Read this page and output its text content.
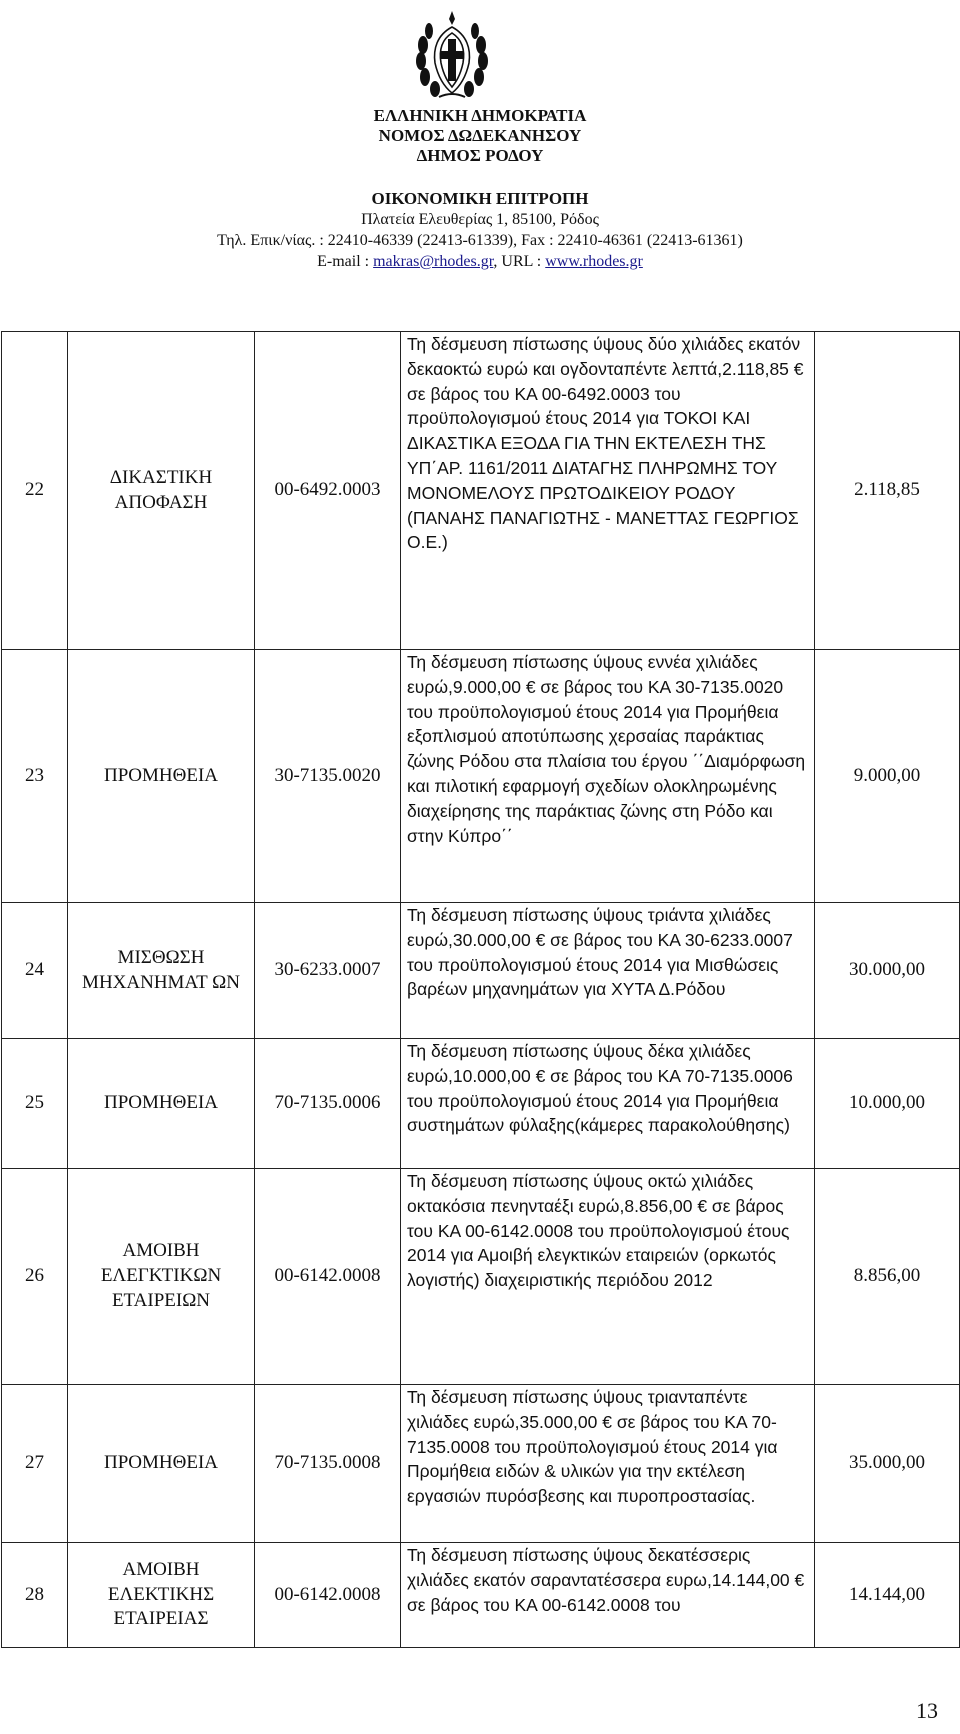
ΕΛΛΗΝΙΚΗ ΔΗΜΟΚΡΑΤΙΑ
ΝΟΜΟΣ ΔΩΔΕΚΑΝΗΣΟΥ
ΔΗΜΟΣ ΡΟΔΟΥ
ΟΙΚΟΝΟΜΙΚΗ ΕΠΙΤΡΟΠΗ
Πλατεία Ελευθερίας 1, 85100, Ρόδος
Τηλ. Επικ/νίας. : 22410-46339 (22413-61339), Fax : 22410-46361 (22413-61361)
E-mail : makras@rhodes.gr, URL : www.rhodes.gr
22	ΔΙΚΑΣΤΙΚΗ ΑΠΟΦΑΣΗ	00-6492.0003	Τη δέσμευση πίστωσης ύψους δύο χιλιάδες εκατόν δεκαοκτώ ευρώ και ογδονταπέντε λεπτά,2.118,85 € σε βάρος του ΚΑ 00-6492.0003 του προϋπολογισμού έτους 2014 για ΤΟΚΟΙ ΚΑΙ ΔΙΚΑΣΤΙΚΑ ΕΞΟΔΑ ΓΙΑ ΤΗΝ ΕΚΤΕΛΕΣΗ ΤΗΣ ΥΠ΄ΑΡ. 1161/2011 ΔΙΑΤΑΓΗΣ ΠΛΗΡΩΜΗΣ ΤΟΥ ΜΟΝΟΜΕΛΟΥΣ ΠΡΩΤΟΔΙΚΕΙΟΥ ΡΟΔΟΥ (ΠΑΝΑΗΣ ΠΑΝΑΓΙΩΤΗΣ - ΜΑΝΕΤΤΑΣ ΓΕΩΡΓΙΟΣ Ο.Ε.)	2.118,85
23	ΠΡΟΜΗΘΕΙΑ	30-7135.0020	Τη δέσμευση πίστωσης ύψους εννέα χιλιάδες ευρώ,9.000,00 € σε βάρος του ΚΑ 30-7135.0020 του προϋπολογισμού έτους 2014 για Προμήθεια εξοπλισμού αποτύπωσης χερσαίας παράκτιας ζώνης Ρόδου στα πλαίσια του έργου ΄΄Διαμόρφωση και πιλοτική εφαρμογή σχεδίων ολοκληρωμένης διαχείρησης της παράκτιας ζώνης στη Ρόδο και στην Κύπρο΄΄	9.000,00
24	ΜΙΣΘΩΣΗ ΜΗΧΑΝΗΜΑΤ ΩΝ	30-6233.0007	Τη δέσμευση πίστωσης ύψους τριάντα χιλιάδες ευρώ,30.000,00 € σε βάρος του ΚΑ 30-6233.0007 του προϋπολογισμού έτους 2014 για Μισθώσεις βαρέων μηχανημάτων για ΧΥΤΑ Δ.Ρόδου	30.000,00
25	ΠΡΟΜΗΘΕΙΑ	70-7135.0006	Τη δέσμευση πίστωσης ύψους δέκα χιλιάδες ευρώ,10.000,00 € σε βάρος του ΚΑ 70-7135.0006 του προϋπολογισμού έτους 2014 για Προμήθεια συστημάτων φύλαξης(κάμερες παρακολούθησης)	10.000,00
26	ΑΜΟΙΒΗ ΕΛΕΓΚΤΙΚΩΝ ΕΤΑΙΡΕΙΩΝ	00-6142.0008	Τη δέσμευση πίστωσης ύψους οκτώ χιλιάδες οκτακόσια πενηνταέξι ευρώ,8.856,00 € σε βάρος του ΚΑ 00-6142.0008 του προϋπολογισμού έτους 2014 για Αμοιβή ελεγκτικών εταιρειών (ορκωτός λογιστής) διαχειριστικής περιόδου 2012	8.856,00
27	ΠΡΟΜΗΘΕΙΑ	70-7135.0008	Τη δέσμευση πίστωσης ύψους τριανταπέντε χιλιάδες ευρώ,35.000,00 € σε βάρος του ΚΑ 70-7135.0008 του προϋπολογισμού έτους 2014 για Προμήθεια ειδών & υλικών για την εκτέλεση εργασιών πυρόσβεσης και πυροπροστασίας.	35.000,00
28	ΑΜΟΙΒΗ ΕΛΕΚΤΙΚΗΣ ΕΤΑΙΡΕΙΑΣ	00-6142.0008	Τη δέσμευση πίστωσης ύψους δεκατέσσερις χιλιάδες εκατόν σαραντατέσσερα ευρω,14.144,00 € σε βάρος του ΚΑ 00-6142.0008 του	14.144,00
13
